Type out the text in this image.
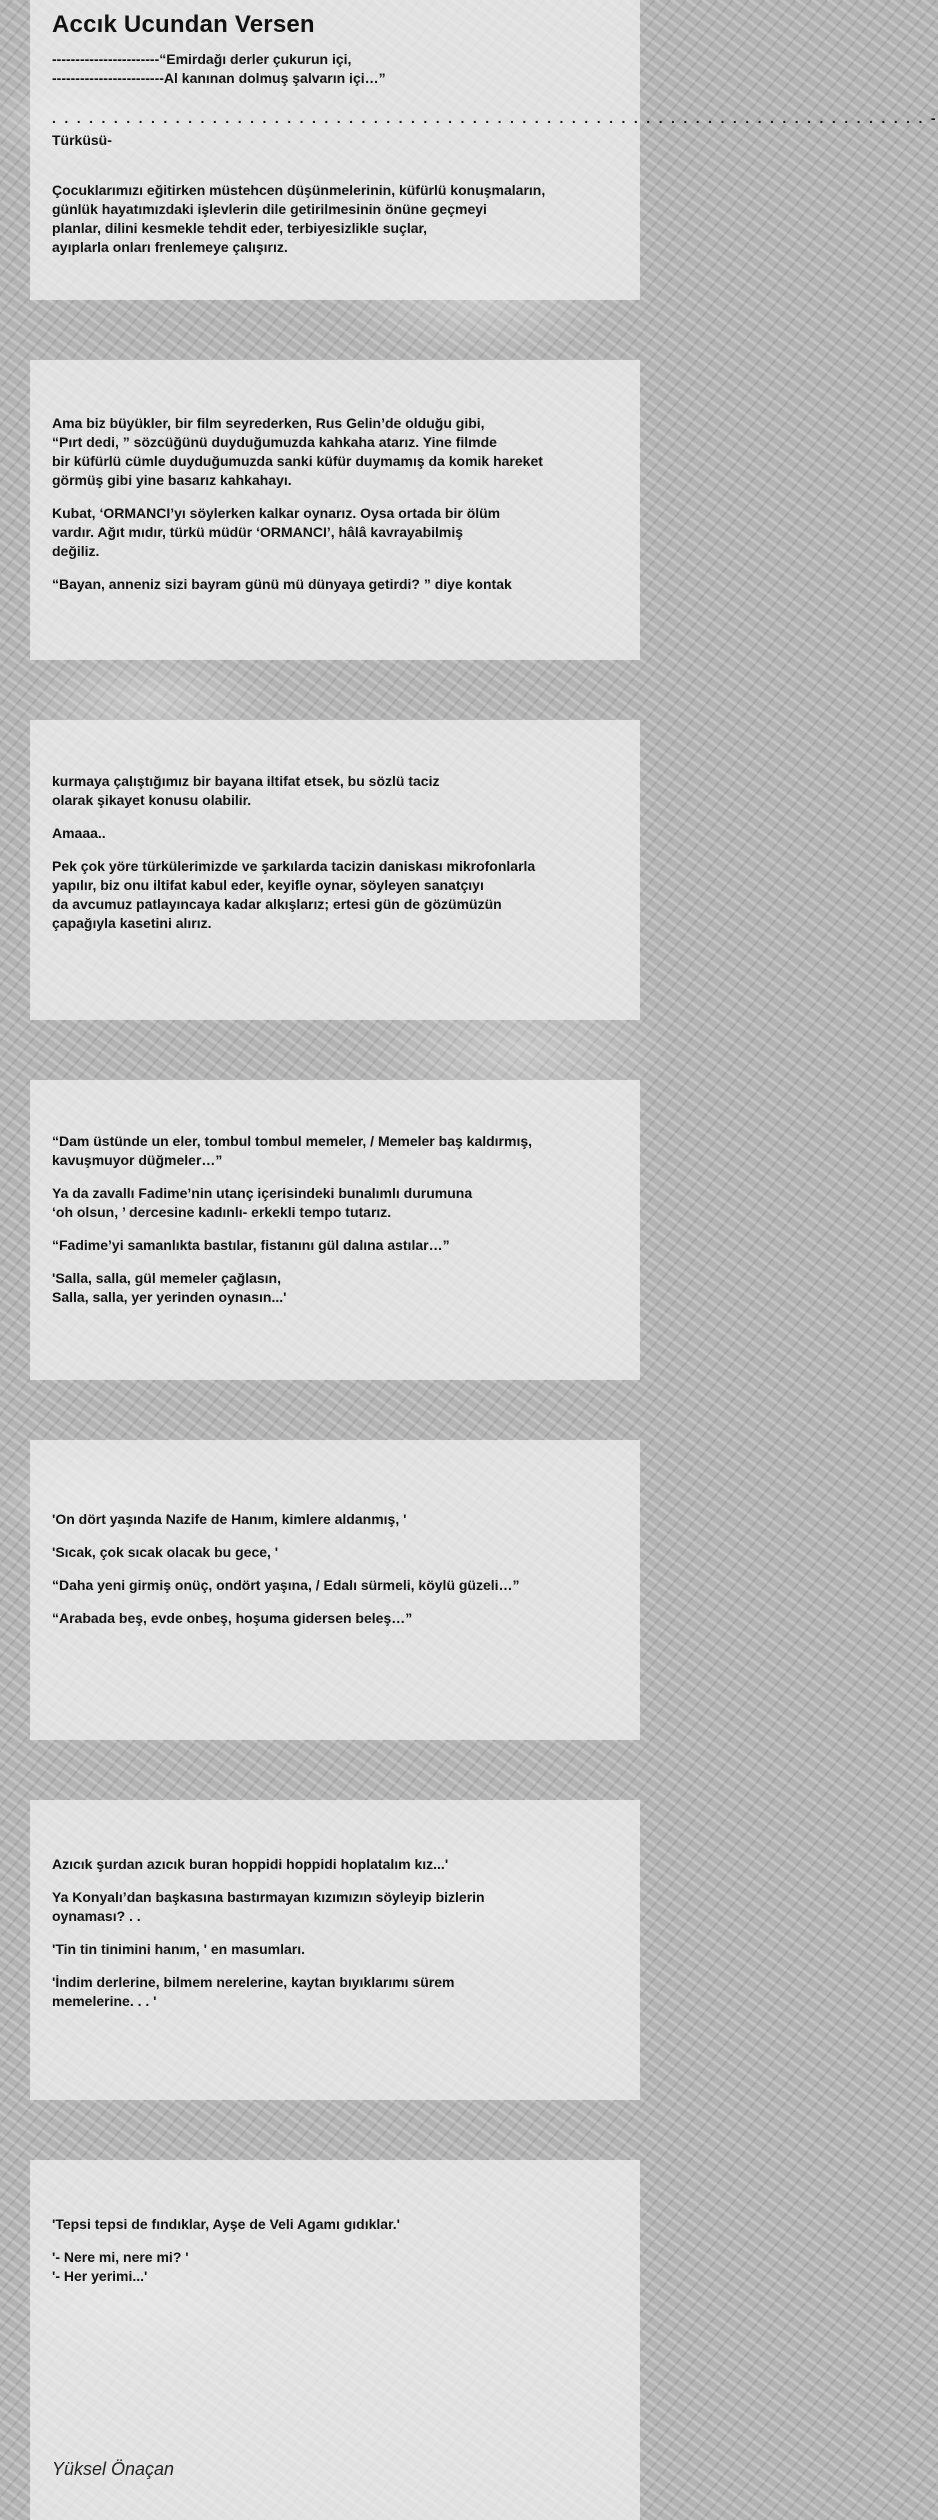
Accık Ucundan Versen

-----------------------“Emirdağı derler çukurun içi,

------------------------Al kanınan dolmuş şalvarın içi…”

. . . . . . . . . . . . . . . . . . . . . . . . . . . . . . . . . . . . . . . . . . . . . . . . . . . . . . . . . . . . . . . . . . . . . . . -

Türküsü-

Çocuklarımızı eğitirken müstehcen düşünmelerinin, küfürlü konuşmaların,
günlük hayatımızdaki işlevlerin dile getirilmesinin önüne geçmeyi
planlar, dilini kesmekle tehdit eder, terbiyesizlikle suçlar,
ayıplarla onları frenlemeye çalışırız.

Ama biz büyükler, bir film seyrederken, Rus Gelin’de olduğu gibi,
“Pırt dedi, ” sözcüğünü duyduğumuzda kahkaha atarız. Yine filmde
bir küfürlü cümle duyduğumuzda sanki küfür duymamış da komik hareket
görmüş gibi yine basarız kahkahayı.

Kubat, ‘ORMANCI’yı söylerken kalkar oynarız. Oysa ortada bir ölüm
vardır. Ağıt mıdır, türkü müdür ‘ORMANCI’, hâlâ kavrayabilmiş
değiliz.

“Bayan, anneniz sizi bayram günü mü dünyaya getirdi? ” diye kontak

kurmaya çalıştığımız bir bayana iltifat etsek, bu sözlü taciz
olarak şikayet konusu olabilir.

Amaaa..

Pek çok yöre türkülerimizde ve şarkılarda tacizin daniskası mikrofonlarla
yapılır, biz onu iltifat kabul eder, keyifle oynar, söyleyen sanatçıyı
da avcumuz patlayıncaya kadar alkışlarız; ertesi gün de gözümüzün
çapağıyla kasetini alırız.

“Dam üstünde un eler, tombul tombul memeler, / Memeler baş kaldırmış,
kavuşmuyor düğmeler…”

Ya da zavallı Fadime’nin utanç içerisindeki bunalımlı durumuna
‘oh olsun, ’ dercesine kadınlı- erkekli tempo tutarız.

“Fadime’yi samanlıkta bastılar, fistanını gül dalına astılar…”

'Salla, salla, gül memeler çağlasın,
Salla, salla, yer yerinden oynasın...'

'On dört yaşında Nazife de Hanım, kimlere aldanmış, '

'Sıcak, çok sıcak olacak bu gece, '

“Daha yeni girmiş onüç, ondört yaşına, / Edalı sürmeli, köylü güzeli…”

“Arabada beş, evde onbeş, hoşuma gidersen beleş…”

Azıcık şurdan azıcık buran hoppidi hoppidi hoplatalım kız...'

Ya Konyalı’dan başkasına bastırmayan kızımızın söyleyip bizlerin
oynaması? . .

'Tin tin tinimini hanım, ' en masumları.

'İndim derlerine, bilmem nerelerine, kaytan bıyıklarımı sürem
memelerine. . . '

'Tepsi tepsi de fındıklar, Ayşe de Veli Agamı gıdıklar.'

'- Nere mi, nere mi? '
'- Her yerimi...'

Yüksel Önaçan
